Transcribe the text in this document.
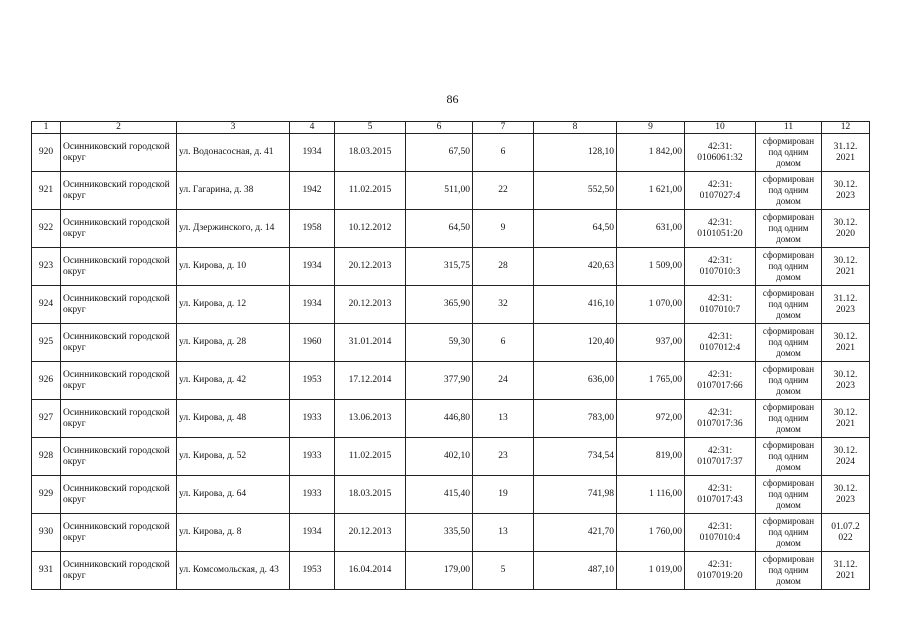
86
1	2	3	4	5	6	7	8	9	10	11	12
920	Осинниковский городской округ	ул. Водонасосная, д. 41	1934	18.03.2015	67,50	6	128,10	1 842,00	42:31: 0106061:32	сформирован под одним домом	31.12. 2021
921	Осинниковский городской округ	ул. Гагарина, д. 38	1942	11.02.2015	511,00	22	552,50	1 621,00	42:31: 0107027:4	сформирован под одним домом	30.12. 2023
922	Осинниковский городской округ	ул. Дзержинского, д. 14	1958	10.12.2012	64,50	9	64,50	631,00	42:31: 0101051:20	сформирован под одним домом	30.12. 2020
923	Осинниковский городской округ	ул. Кирова, д. 10	1934	20.12.2013	315,75	28	420,63	1 509,00	42:31: 0107010:3	сформирован под одним домом	30.12. 2021
924	Осинниковский городской округ	ул. Кирова, д. 12	1934	20.12.2013	365,90	32	416,10	1 070,00	42:31: 0107010:7	сформирован под одним домом	31.12. 2023
925	Осинниковский городской округ	ул. Кирова, д. 28	1960	31.01.2014	59,30	6	120,40	937,00	42:31: 0107012:4	сформирован под одним домом	30.12. 2021
926	Осинниковский городской округ	ул. Кирова, д. 42	1953	17.12.2014	377,90	24	636,00	1 765,00	42:31: 0107017:66	сформирован под одним домом	30.12. 2023
927	Осинниковский городской округ	ул. Кирова, д. 48	1933	13.06.2013	446,80	13	783,00	972,00	42:31: 0107017:36	сформирован под одним домом	30.12. 2021
928	Осинниковский городской округ	ул. Кирова, д. 52	1933	11.02.2015	402,10	23	734,54	819,00	42:31: 0107017:37	сформирован под одним домом	30.12. 2024
929	Осинниковский городской округ	ул. Кирова, д. 64	1933	18.03.2015	415,40	19	741,98	1 116,00	42:31: 0107017:43	сформирован под одним домом	30.12. 2023
930	Осинниковский городской округ	ул. Кирова, д. 8	1934	20.12.2013	335,50	13	421,70	1 760,00	42:31: 0107010:4	сформирован под одним домом	01.07.2 022
931	Осинниковский городской округ	ул. Комсомольская, д. 43	1953	16.04.2014	179,00	5	487,10	1 019,00	42:31: 0107019:20	сформирован под одним домом	31.12. 2021
